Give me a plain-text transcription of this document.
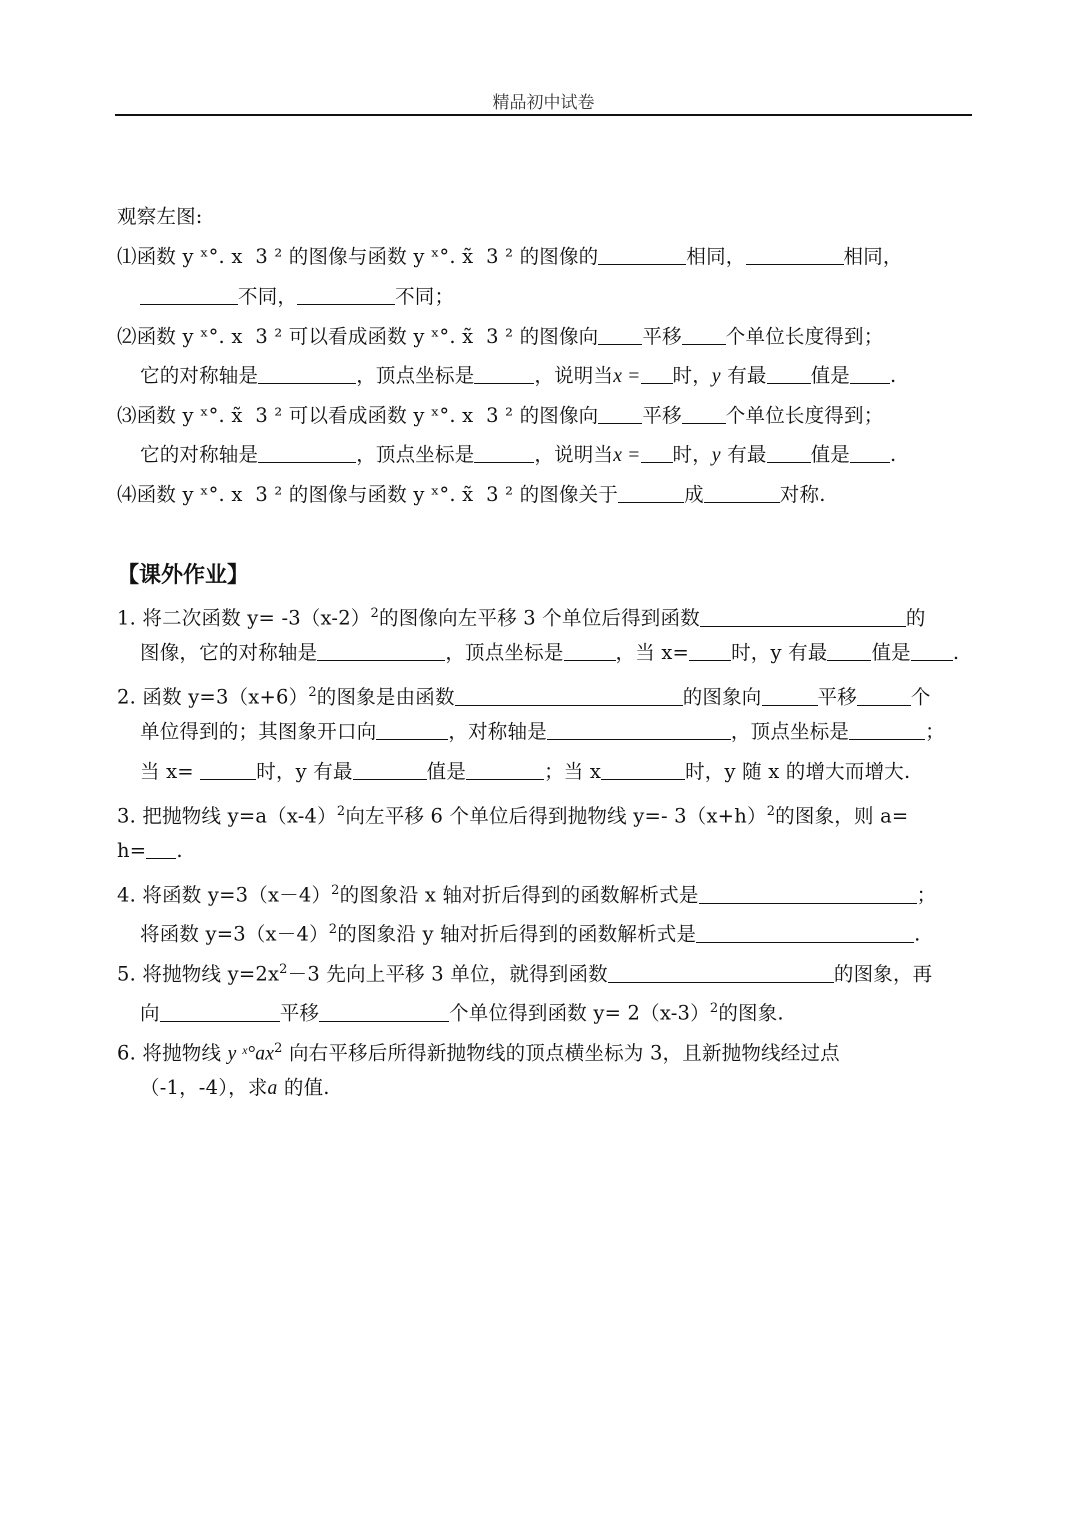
精品初中试卷
观察左图:
⑴函数 y ˣ°. x  3 ² 的图像与函数 y ˣ°. x̃  3 ² 的图像的	相同，	相同，
不同，	不同；
⑵函数 y ˣ°. x  3 ² 可以看成函数 y ˣ°. x̃  3 ² 的图像向 平移 个单位长度得到；
它的对称轴是	，顶点坐标是	，说明当x = 时，y 有最 值是 .
⑶函数 y ˣ°. x̃  3 ² 可以看成函数 y ˣ°. x  3 ² 的图像向 平移 个单位长度得到；
它的对称轴是	，顶点坐标是	，说明当x = 时，y 有最 值是 .
⑷函数 y ˣ°. x  3 ² 的图像与函数 y ˣ°. x̃  3 ² 的图像关于	成	对称.
【课外作业】
1. 将二次函数 $y= -3(x-2)^2$的图像向左平移 3 个单位后得到函数	的
图像，它的对称轴是	，顶点坐标是	，当 x= 时，y 有最 值是 .
2. 函数 $y=3(x+6)^2$的图象是由函数	的图象向	平移	个
单位得到的；其图象开口向	，对称轴是	，顶点坐标是	；
当 x=	时，y 有最	值是	；当 x	时，y 随 x 的增大而增大.
3. 把抛物线 $y=a(x-4)^2$向左平移 6 个单位后得到抛物线 y=- $3(x+h)^2$的图象，则 a=
h= .
4. 将函数 $y=3(x-4)^2$的图象沿 x 轴对折后得到的函数解析式是	；
将函数 $y=3(x-4)^2$的图象沿 y 轴对折后得到的函数解析式是	.
5. 将抛物线 $y=2x^2-3$ 先向上平移 3 单位，就得到函数	的图象，再
向	平移	个单位得到函数 $y= 2(x-3)^2$的图象.
6. 将抛物线 y $ˣ^\circ ax^2$ 向右平移后所得新抛物线的顶点横坐标为 3，且新抛物线经过点
（-1，-4），求a 的值.
